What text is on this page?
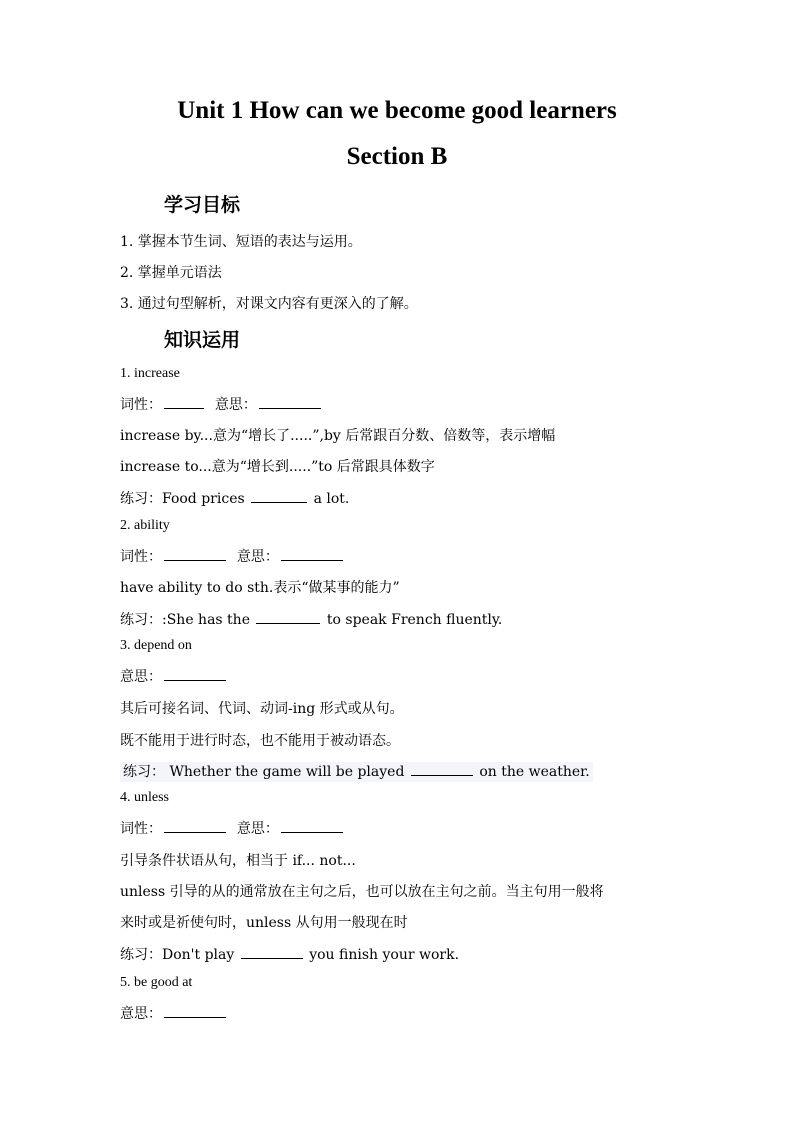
Unit 1 How can we become good learners
Section B
学习目标
1. 掌握本节生词、短语的表达与运用。
2. 掌握单元语法
3. 通过句型解析，对课文内容有更深入的了解。
知识运用
1. increase
词性：	意思：
increase by...意为“增长了.....”,by 后常跟百分数、倍数等，表示增幅
increase to...意为“增长到.....”to 后常跟具体数字
练习：Food prices	a lot.
2. ability
词性：	意思：
have ability to do sth.表示“做某事的能力”
练习：:She has the	to speak French fluently.
3. depend on
意思：
其后可接名词、代词、动词-ing 形式或从句。
既不能用于进行时态，也不能用于被动语态。
练习： Whether the game will be played	on the weather.
4. unless
词性：	意思：
引导条件状语从句，相当于 if... not...
unless 引导的从的通常放在主句之后，也可以放在主句之前。当主句用一般将
来时或是祈使句时，unless 从句用一般现在时
练习：Don't play	you finish your work.
5. be good at
意思：
